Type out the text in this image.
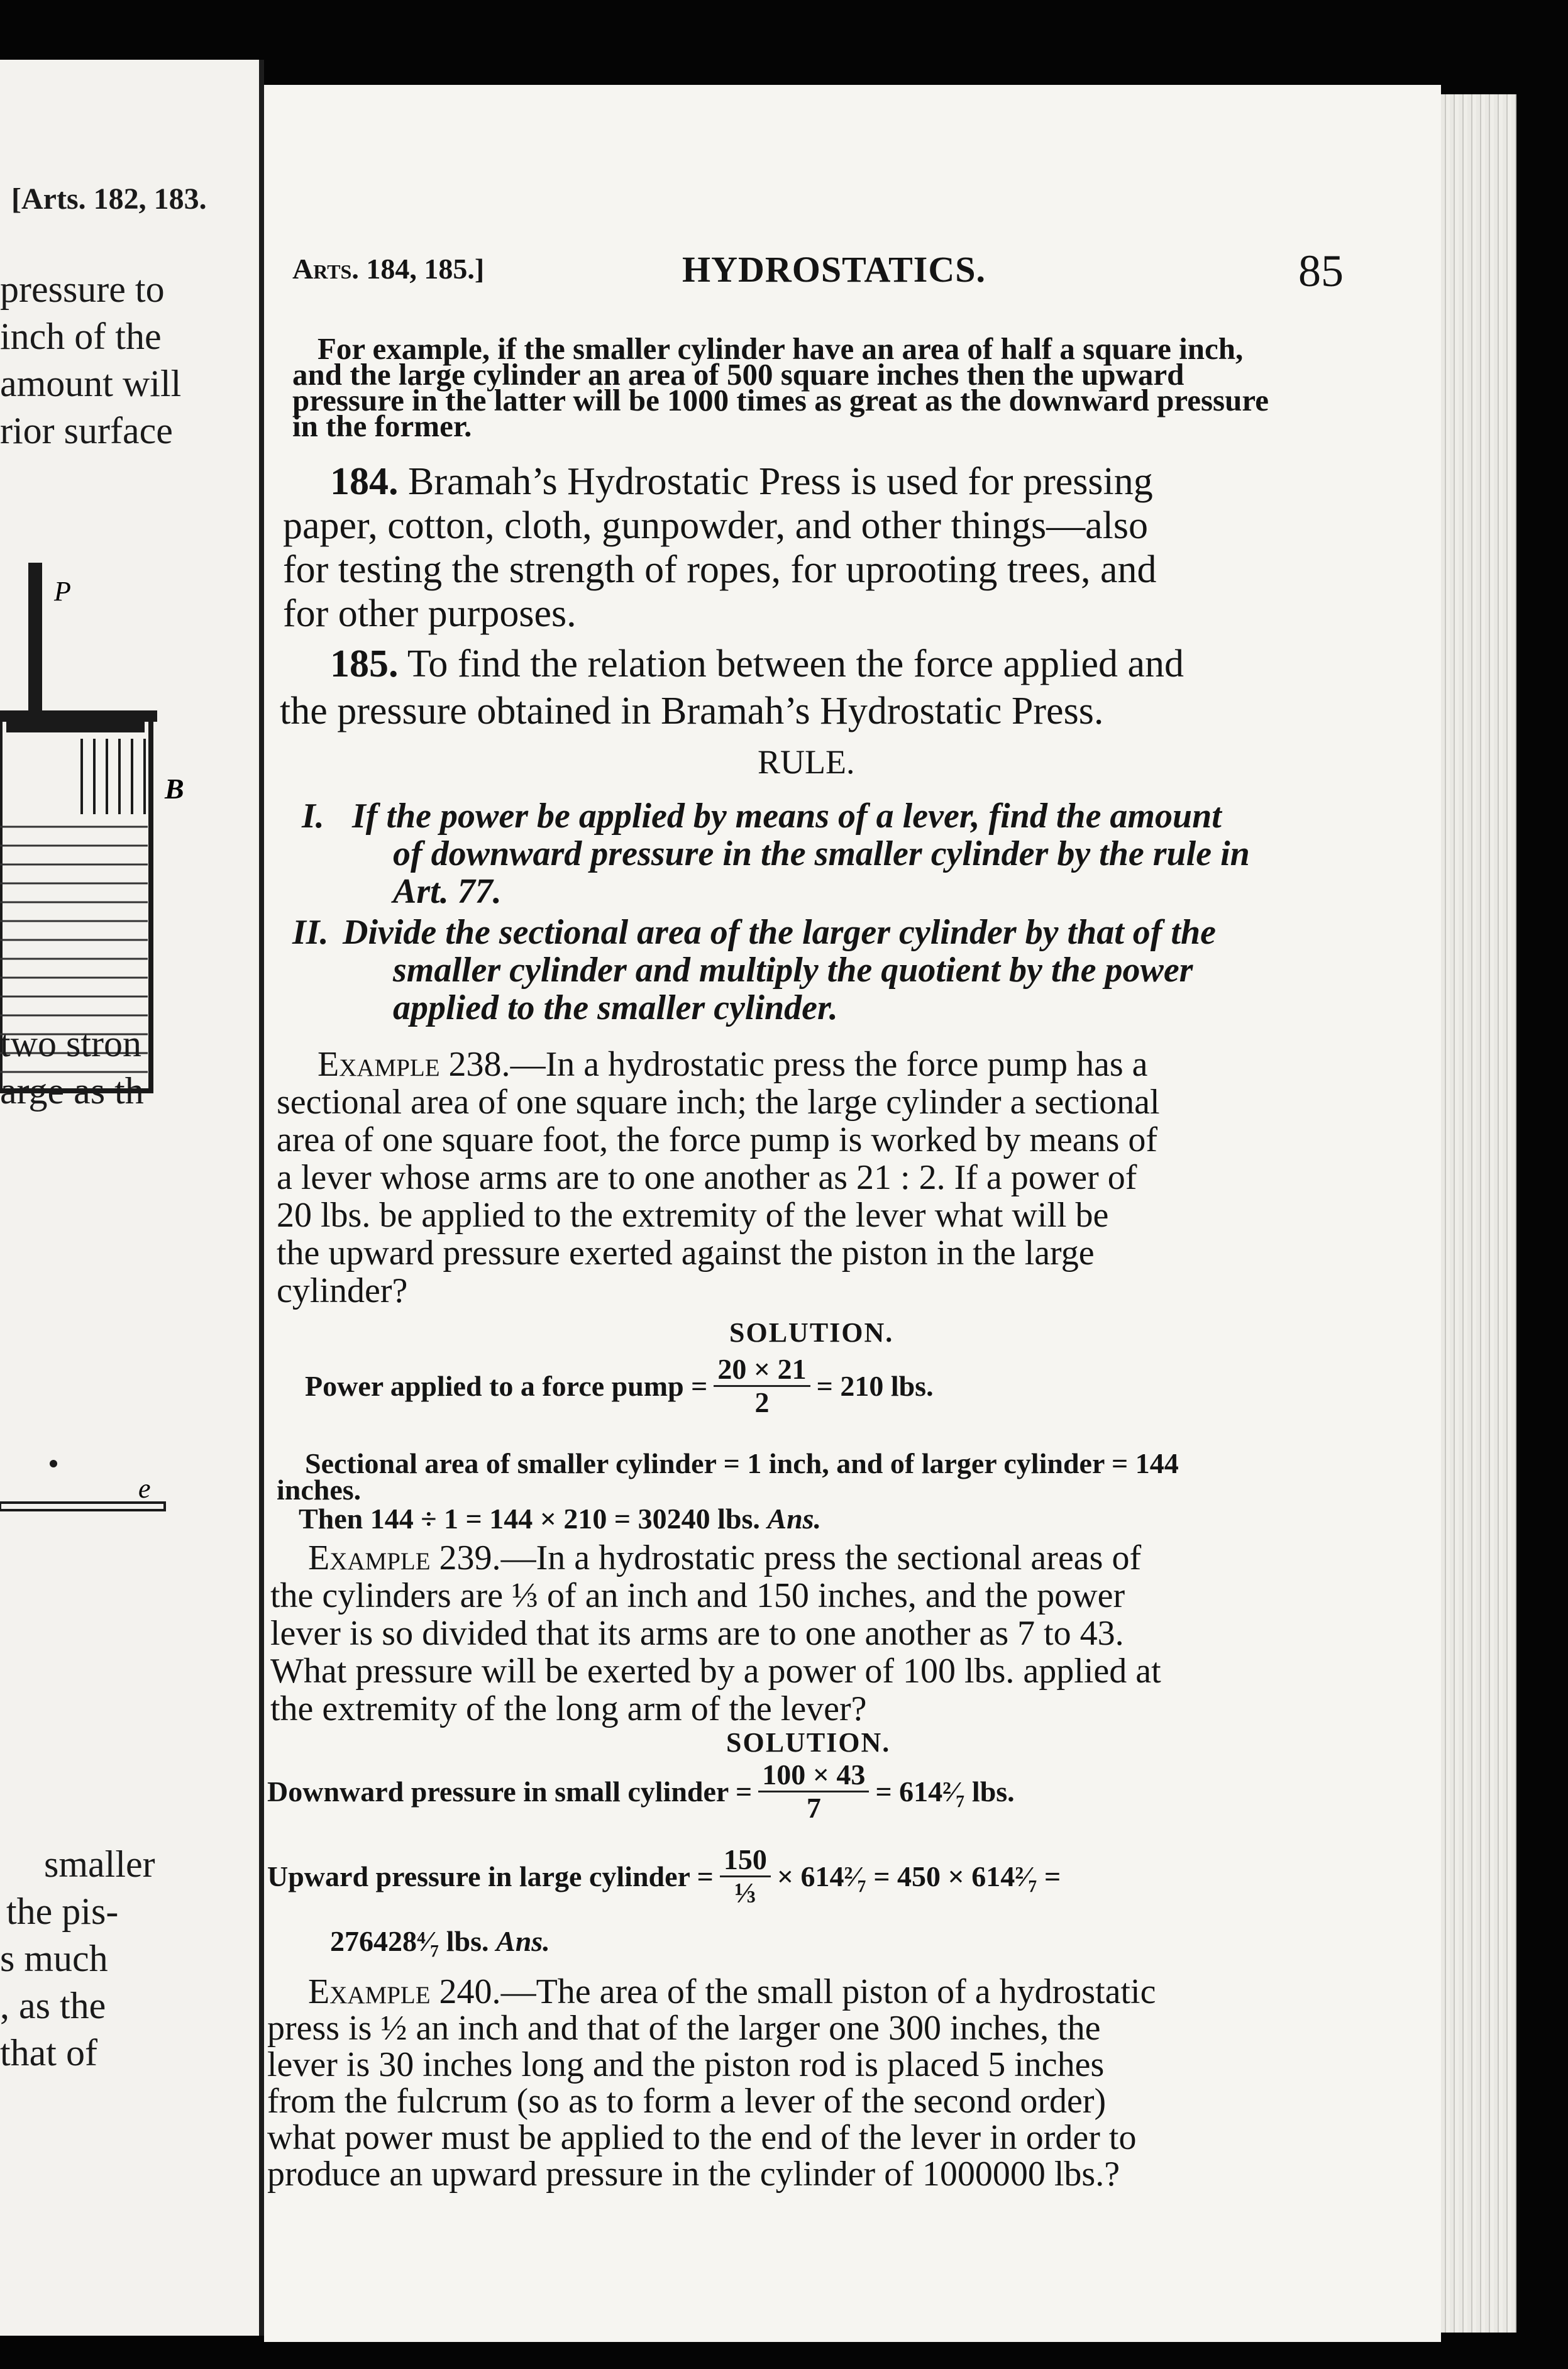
[Arts. 182, 183.
pressure to
inch of the
amount will
rior surface
P
B
two stron
arge as th
e
smaller
the pis-
s much
, as the
that of
Arts. 184, 185.]	HYDROSTATICS.	85
For example, if the smaller cylinder have an area of half a square inch,
and the large cylinder an area of 500 square inches then the upward
pressure in the latter will be 1000 times as great as the downward pressure
in the former.
184. Bramah’s Hydrostatic Press is used for pressing
paper, cotton, cloth, gunpowder, and other things—also
for testing the strength of ropes, for uprooting trees, and
for other purposes.
185. To find the relation between the force applied and
the pressure obtained in Bramah’s Hydrostatic Press.
RULE.
I. If the power be applied by means of a lever, find the amount
of downward pressure in the smaller cylinder by the rule in
Art. 77.
II. Divide the sectional area of the larger cylinder by that of the
smaller cylinder and multiply the quotient by the power
applied to the smaller cylinder.
Example 238.—In a hydrostatic press the force pump has a
sectional area of one square inch; the large cylinder a sectional
area of one square foot, the force pump is worked by means of
a lever whose arms are to one another as 21 : 2. If a power of
20 lbs. be applied to the extremity of the lever what will be
the upward pressure exerted against the piston in the large
cylinder?
SOLUTION.
Power applied to a force pump = $\frac{20 \times 21}{2} = 210$ lbs.
Sectional area of smaller cylinder = 1 inch, and of larger cylinder = 144
inches.
Then 144 ÷ 1 = 144 × 210 = 30240 lbs. Ans.
Example 239.—In a hydrostatic press the sectional areas of
the cylinders are ⅓ of an inch and 150 inches, and the power
lever is so divided that its arms are to one another as 7 to 43.
What pressure will be exerted by a power of 100 lbs. applied at
the extremity of the long arm of the lever?
SOLUTION.
Downward pressure in small cylinder = $\frac{100 \times 43}{7}$ = 614²⁄₇ lbs.
Upward pressure in large cylinder = $\frac{150}{\text{⅓}}$ × 614²⁄₇ = 450 × 614²⁄₇ =
276428⁴⁄₇ lbs. Ans.
Example 240.—The area of the small piston of a hydrostatic
press is ½ an inch and that of the larger one 300 inches, the
lever is 30 inches long and the piston rod is placed 5 inches
from the fulcrum (so as to form a lever of the second order)
what power must be applied to the end of the lever in order to
produce an upward pressure in the cylinder of 1000000 lbs.?
